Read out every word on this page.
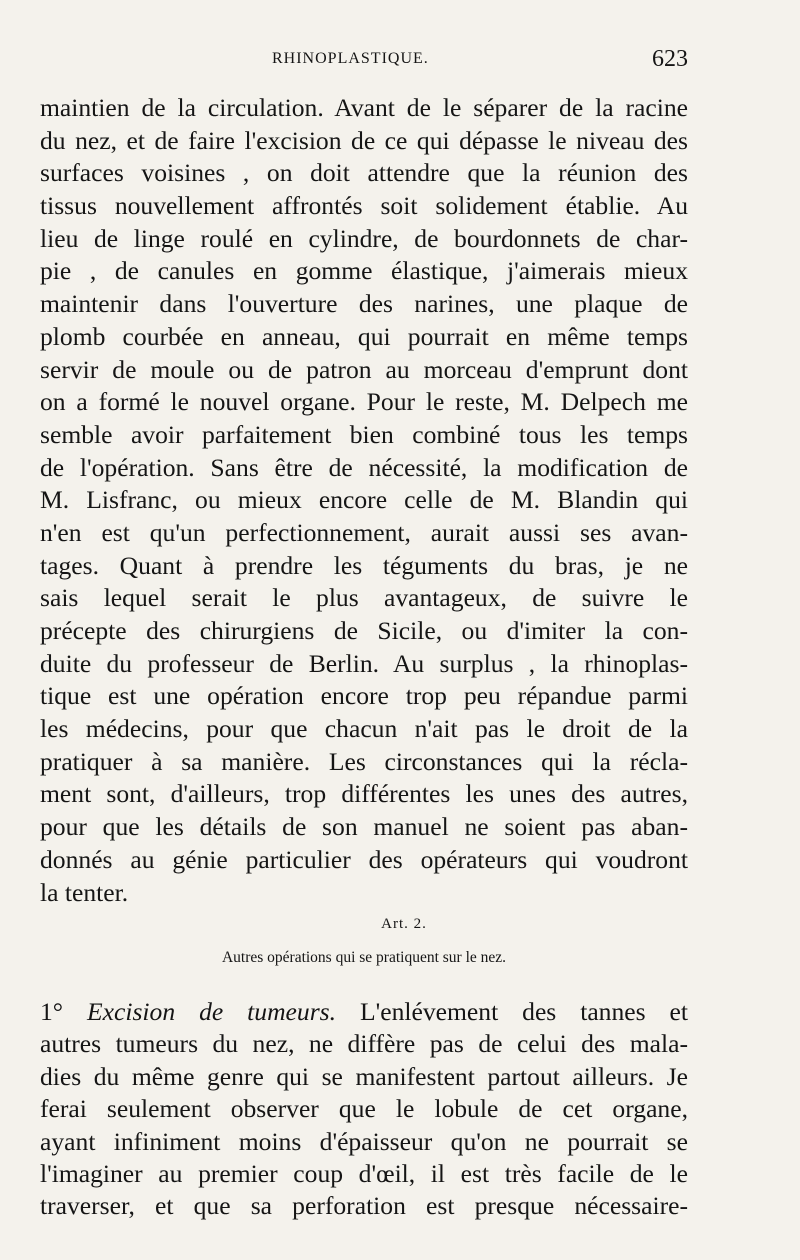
RHINOPLASTIQUE.	623
maintien de la circulation. Avant de le séparer de la racine
du nez, et de faire l'excision de ce qui dépasse le niveau des
surfaces voisines , on doit attendre que la réunion des
tissus nouvellement affrontés soit solidement établie. Au
lieu de linge roulé en cylindre, de bourdonnets de char-
pie , de canules en gomme élastique, j'aimerais mieux
maintenir dans l'ouverture des narines, une plaque de
plomb courbée en anneau, qui pourrait en même temps
servir de moule ou de patron au morceau d'emprunt dont
on a formé le nouvel organe. Pour le reste, M. Delpech me
semble avoir parfaitement bien combiné tous les temps
de l'opération. Sans être de nécessité, la modification de
M. Lisfranc, ou mieux encore celle de M. Blandin qui
n'en est qu'un perfectionnement, aurait aussi ses avan-
tages. Quant à prendre les téguments du bras, je ne
sais lequel serait le plus avantageux, de suivre le
précepte des chirurgiens de Sicile, ou d'imiter la con-
duite du professeur de Berlin. Au surplus , la rhinoplas-
tique est une opération encore trop peu répandue parmi
les médecins, pour que chacun n'ait pas le droit de la
pratiquer à sa manière. Les circonstances qui la récla-
ment sont, d'ailleurs, trop différentes les unes des autres,
pour que les détails de son manuel ne soient pas aban-
donnés au génie particulier des opérateurs qui voudront
la tenter.
Art. 2.
Autres opérations qui se pratiquent sur le nez.
1° Excision de tumeurs. L'enlévement des tannes et
autres tumeurs du nez, ne diffère pas de celui des mala-
dies du même genre qui se manifestent partout ailleurs. Je
ferai seulement observer que le lobule de cet organe,
ayant infiniment moins d'épaisseur qu'on ne pourrait se
l'imaginer au premier coup d'œil, il est très facile de le
traverser, et que sa perforation est presque nécessaire-
